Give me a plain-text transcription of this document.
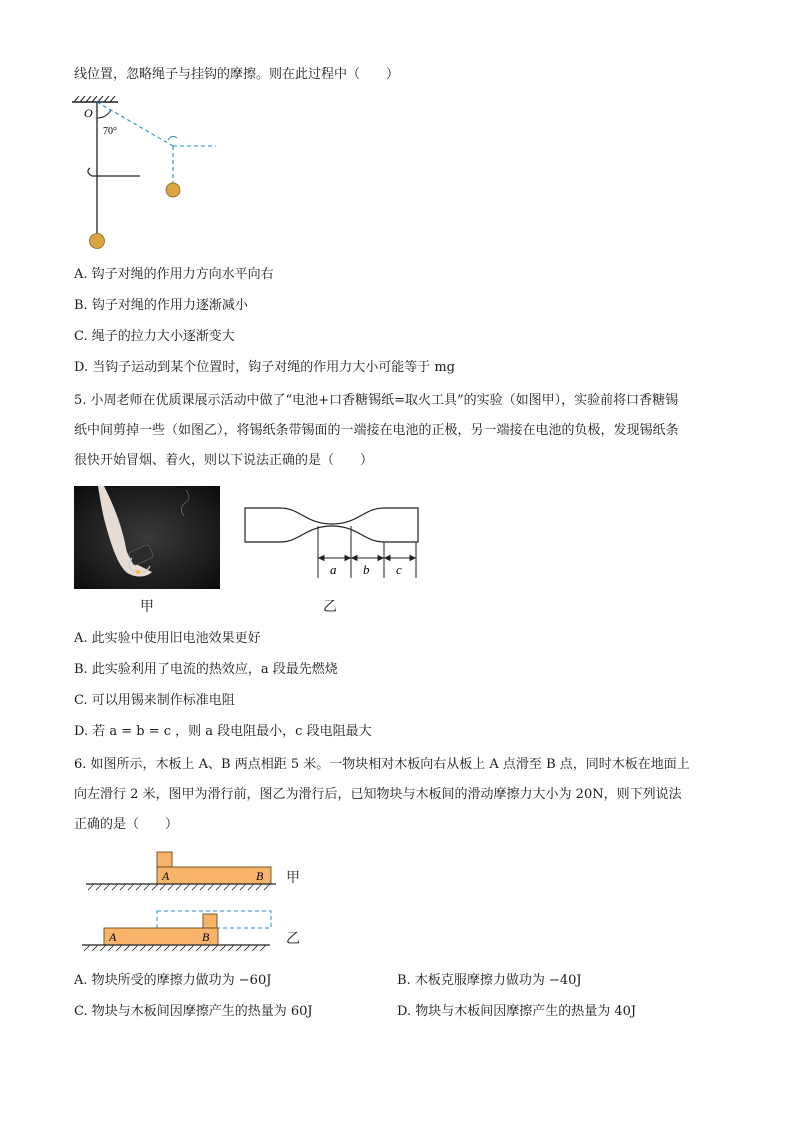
线位置，忽略绳子与挂钩的摩擦。则在此过程中（　　）
O
70°
A. 钩子对绳的作用力方向水平向右
B. 钩子对绳的作用力逐渐减小
C. 绳子的拉力大小逐渐变大
D. 当钩子运动到某个位置时，钩子对绳的作用力大小可能等于 mg
5. 小周老师在优质课展示活动中做了“电池+口香糖锡纸=取火工具”的实验（如图甲），实验前将口香糖锡
纸中间剪掉一些（如图乙），将锡纸条带锡面的一端接在电池的正极，另一端接在电池的负极，发现锡纸条
很快开始冒烟、着火，则以下说法正确的是（　　）
甲
a b c
乙
A. 此实验中使用旧电池效果更好
B. 此实验利用了电流的热效应，a 段最先燃烧
C. 可以用锡来制作标准电阻
D. 若 a = b = c ，则 a 段电阻最小，c 段电阻最大
6. 如图所示，木板上 A、B 两点相距 5 米。一物块相对木板向右从板上 A 点滑至 B 点，同时木板在地面上
向左滑行 2 米，图甲为滑行前，图乙为滑行后，已知物块与木板间的滑动摩擦力大小为 20N，则下列说法
正确的是（　　）
A	B
A	B
甲
乙
A. 物块所受的摩擦力做功为 −60J	B. 木板克服摩擦力做功为 −40J
C. 物块与木板间因摩擦产生的热量为 60J	D. 物块与木板间因摩擦产生的热量为 40J
